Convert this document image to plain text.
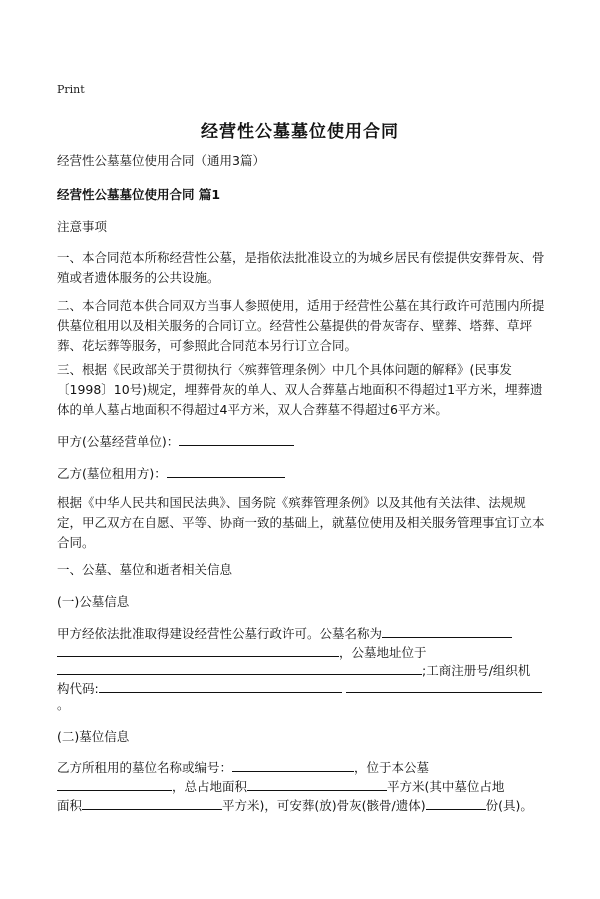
Print
经营性公墓墓位使用合同
经营性公墓墓位使用合同（通用3篇）
经营性公墓墓位使用合同 篇1
注意事项
一、本合同范本所称经营性公墓，是指依法批准设立的为城乡居民有偿提供安葬骨灰、骨殖或者遗体服务的公共设施。
二、本合同范本供合同双方当事人参照使用，适用于经营性公墓在其行政许可范围内所提供墓位租用以及相关服务的合同订立。经营性公墓提供的骨灰寄存、壁葬、塔葬、草坪葬、花坛葬等服务，可参照此合同范本另行订立合同。
三、根据《民政部关于贯彻执行〈殡葬管理条例〉中几个具体问题的解释》(民事发〔1998〕10号)规定，埋葬骨灰的单人、双人合葬墓占地面积不得超过1平方米，埋葬遗体的单人墓占地面积不得超过4平方米，双人合葬墓不得超过6平方米。
甲方(公墓经营单位)：
乙方(墓位租用方)：
根据《中华人民共和国民法典》、国务院《殡葬管理条例》以及其他有关法律、法规规定，甲乙双方在自愿、平等、协商一致的基础上，就墓位使用及相关服务管理事宜订立本合同。
一、公墓、墓位和逝者相关信息
(一)公墓信息
甲方经依法批准取得建设经营性公墓行政许可。公墓名称为
，公墓地址位于
;工商注册号/组织机
构代码:
。
(二)墓位信息
乙方所租用的墓位名称或编号：	，位于本公墓
，总占地面积	平方米(其中墓位占地
面积	平方米)，可安葬(放)骨灰(骸骨/遗体)	份(具)。
